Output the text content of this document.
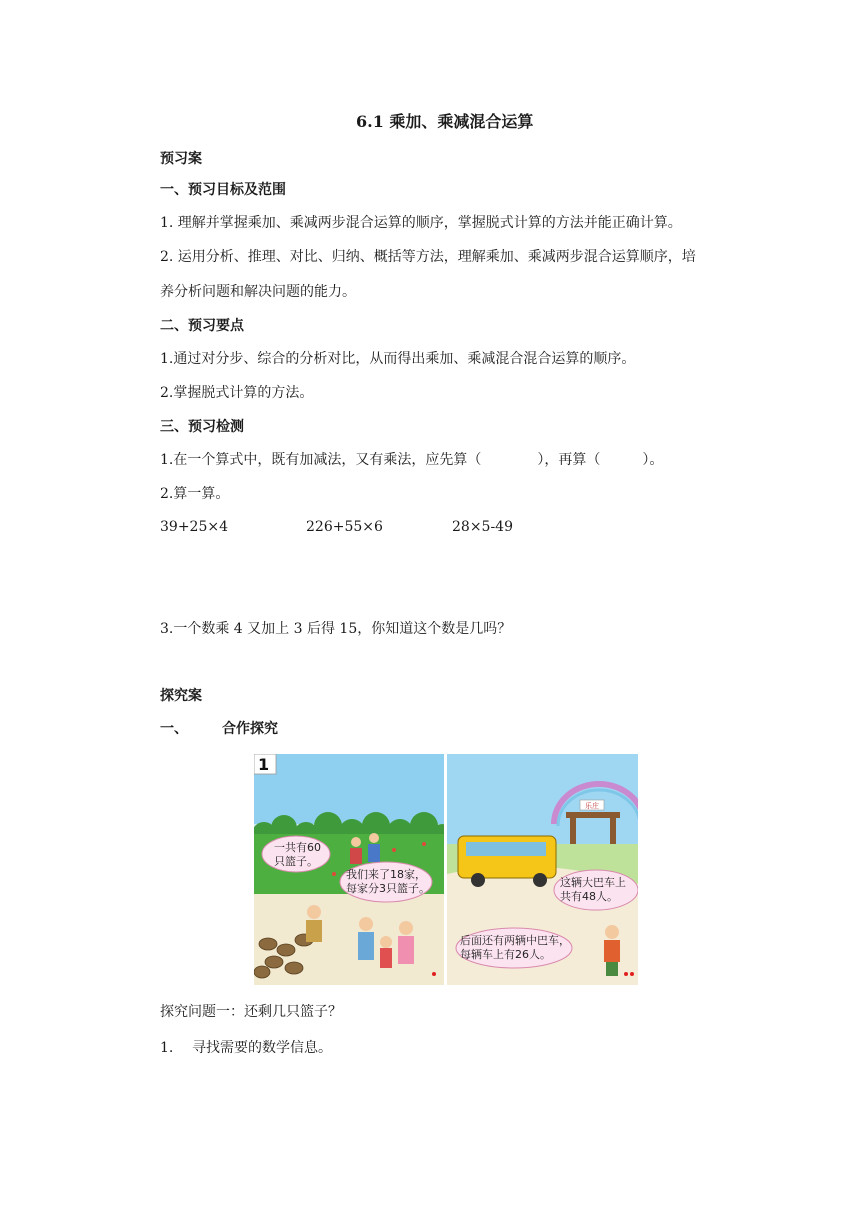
6.1 乘加、乘减混合运算
预习案
一、预习目标及范围
1. 理解并掌握乘加、乘减两步混合运算的顺序，掌握脱式计算的方法并能正确计算。
2. 运用分析、推理、对比、归纳、概括等方法，理解乘加、乘减两步混合运算顺序，培
养分析问题和解决问题的能力。
二、预习要点
1.通过对分步、综合的分析对比，从而得出乘加、乘减混合混合运算的顺序。
2.掌握脱式计算的方法。
三、预习检测
1.在一个算式中，既有加减法，又有乘法，应先算（　　　　），再算（　　　）。
2.算一算。
39+25×4	226+55×6	28×5-49
3.一个数乘 4 又加上 3 后得 15，你知道这个数是几吗？
探究案
一、 合作探究
1
一共有60
只篮子。
我们来了18家，
每家分3只篮子。
乐庄
这辆大巴车上
共有48人。
后面还有两辆中巴车，
每辆车上有26人。
探究问题一：还剩几只篮子？
1. 寻找需要的数学信息。
